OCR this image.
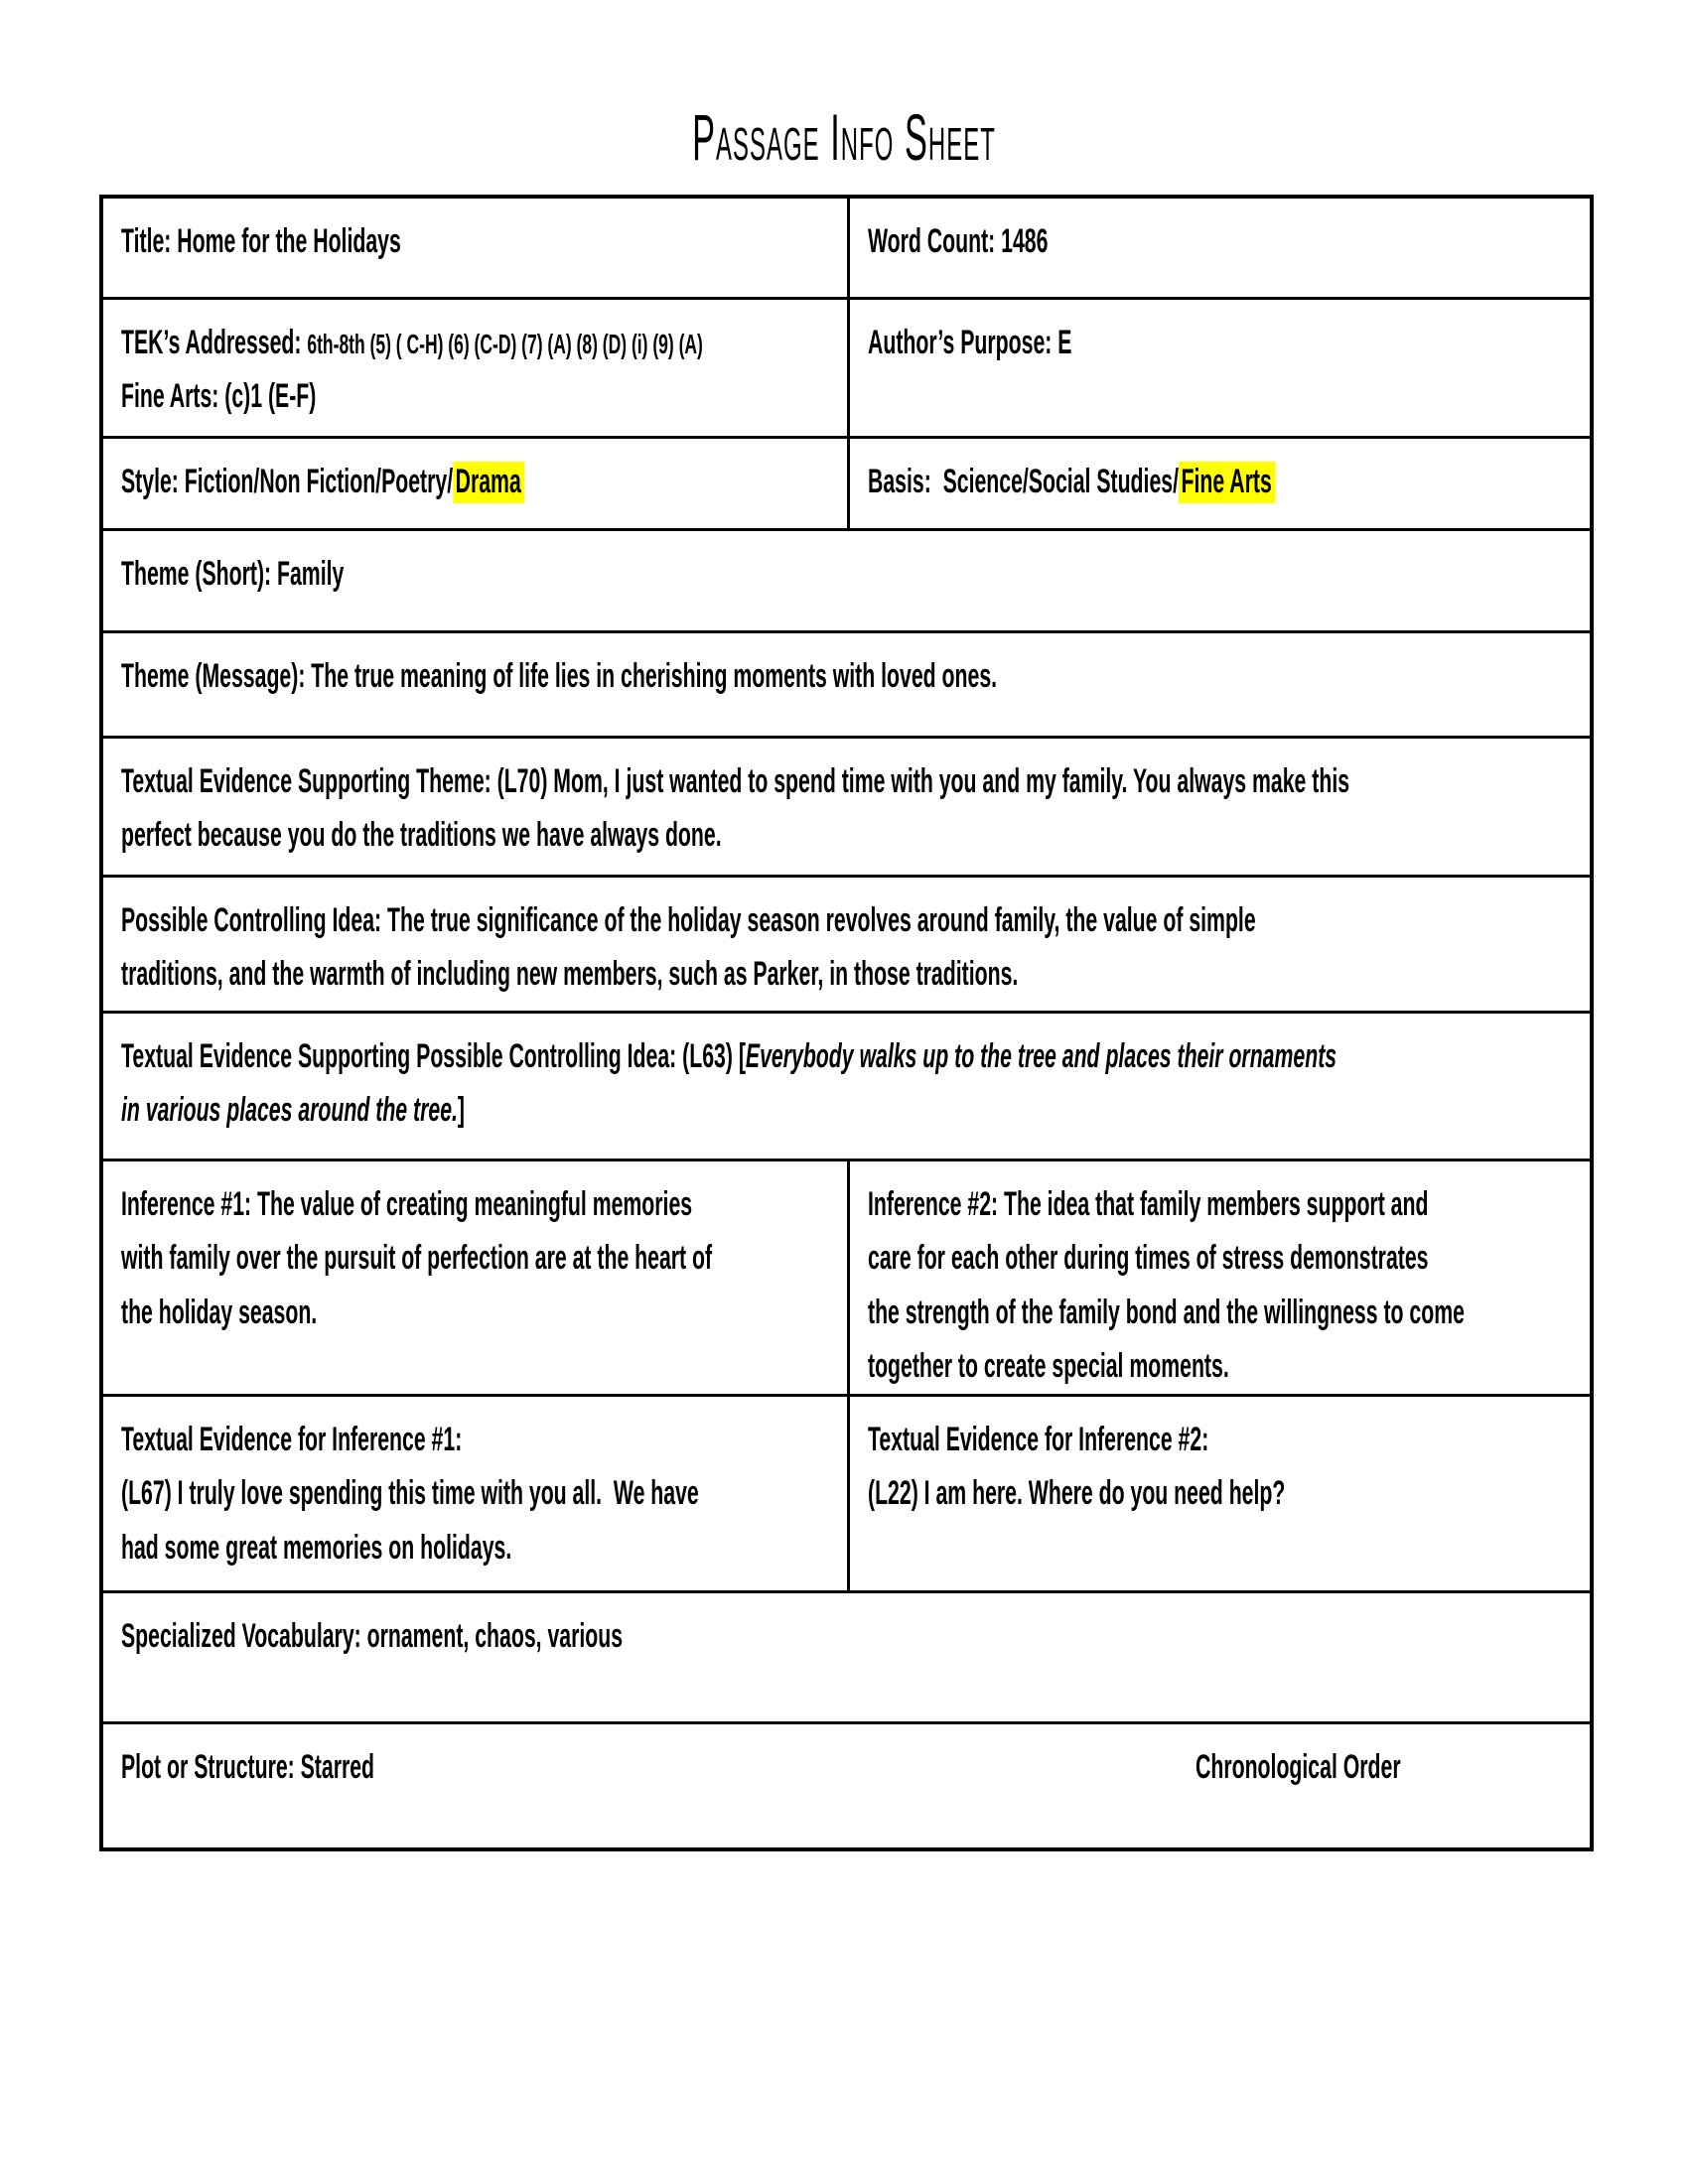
Passage Info Sheet
Title: Home for the Holidays	Word Count: 1486
TEK’s Addressed: 6th-8th (5) ( C-H) (6) (C-D) (7) (A) (8) (D) (i) (9) (A)
Fine Arts: (c)1 (E-F)
Author’s Purpose: E
Style: Fiction/Non Fiction/Poetry/Drama	Basis:  Science/Social Studies/Fine Arts
Theme (Short): Family
Theme (Message): The true meaning of life lies in cherishing moments with loved ones.
Textual Evidence Supporting Theme: (L70) Mom, I just wanted to spend time with you and my family. You always make this
perfect because you do the traditions we have always done.
Possible Controlling Idea: The true significance of the holiday season revolves around family, the value of simple
traditions, and the warmth of including new members, such as Parker, in those traditions.
Textual Evidence Supporting Possible Controlling Idea: (L63) [Everybody walks up to the tree and places their ornaments
in various places around the tree.]
Inference #1: The value of creating meaningful memories
with family over the pursuit of perfection are at the heart of
the holiday season.
Inference #2: The idea that family members support and
care for each other during times of stress demonstrates
the strength of the family bond and the willingness to come
together to create special moments.
Textual Evidence for Inference #1:
(L67) I truly love spending this time with you all.  We have
had some great memories on holidays.
Textual Evidence for Inference #2:
(L22) I am here. Where do you need help?
Specialized Vocabulary: ornament, chaos, various
Plot or Structure: Starred	Chronological Order
